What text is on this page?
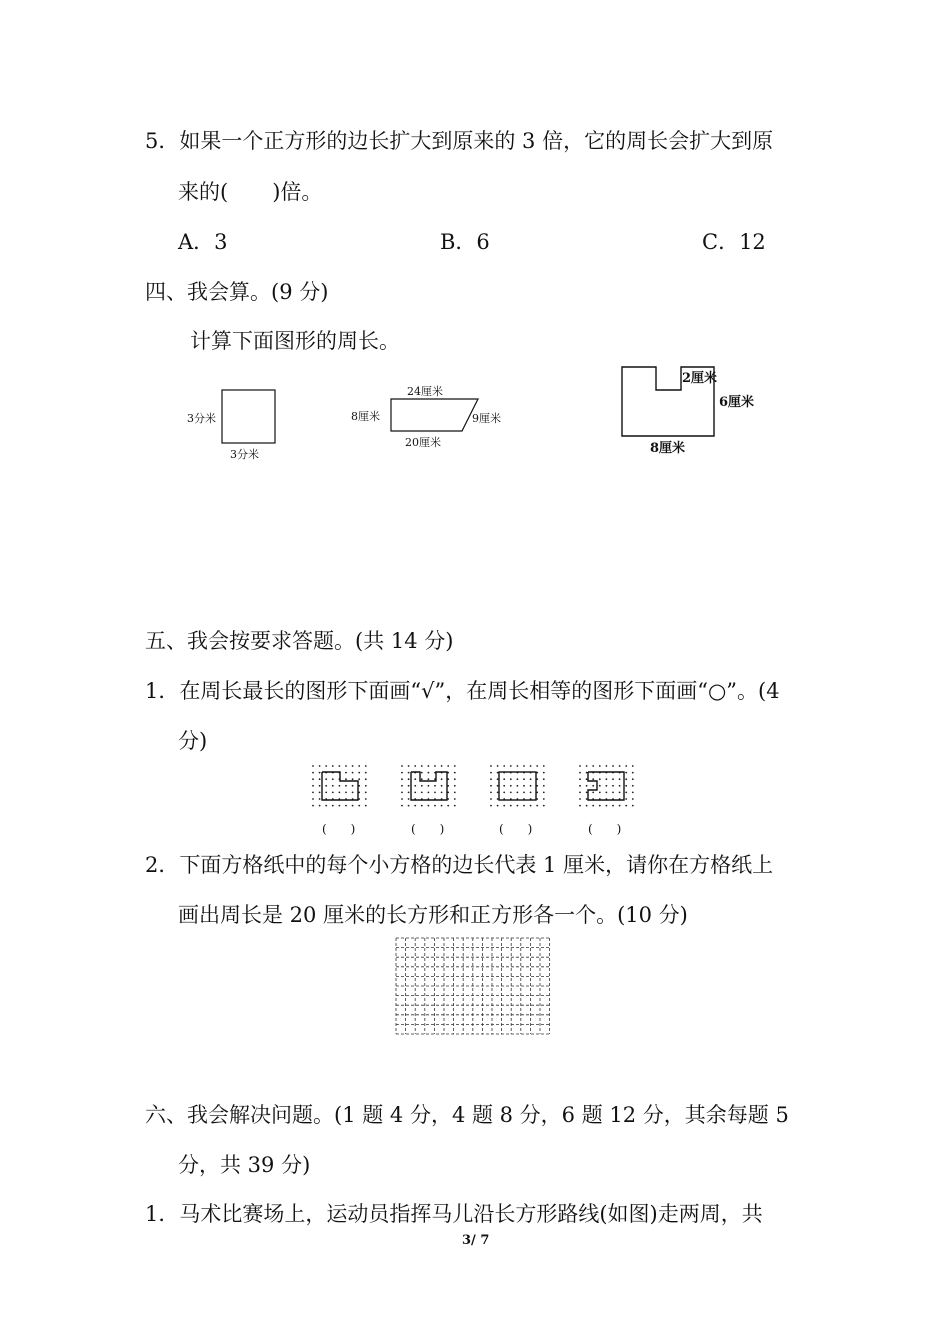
5．如果一个正方形的边长扩大到原来的 3 倍，它的周长会扩大到原
来的( )倍。
A．3	B．6	C．12
四、我会算。(9 分)
计算下面图形的周长。
3分米
3分米
24厘米
8厘米	9厘米
20厘米
2厘米
6厘米
8厘米
五、我会按要求答题。(共 14 分)
1．在周长最长的图形下面画“√”，在周长相等的图形下面画“○”。(4
分)
(　　)	(　　)	(　　)	(　　)
2．下面方格纸中的每个小方格的边长代表 1 厘米，请你在方格纸上
画出周长是 20 厘米的长方形和正方形各一个。(10 分)
六、我会解决问题。(1 题 4 分，4 题 8 分，6 题 12 分，其余每题 5
分，共 39 分)
1．马术比赛场上，运动员指挥马儿沿长方形路线(如图)走两周，共
3/ 7
